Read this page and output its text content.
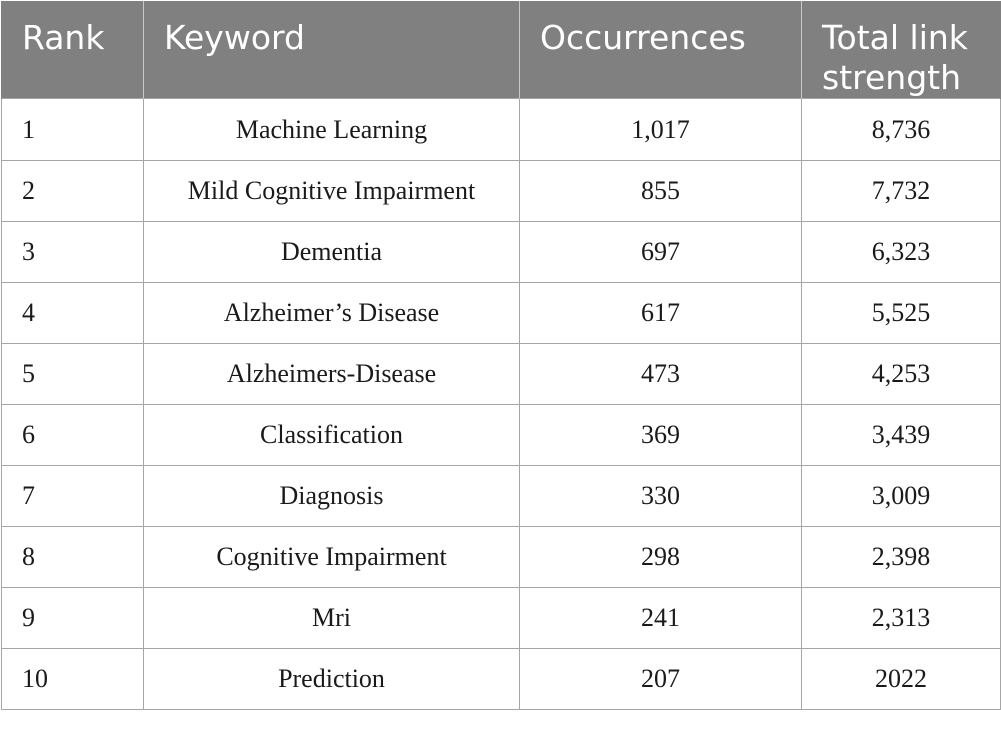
Rank	Keyword	Occurrences	Total link
strength
1	Machine Learning	1,017	8,736
2	Mild Cognitive Impairment	855	7,732
3	Dementia	697	6,323
4	Alzheimer’s Disease	617	5,525
5	Alzheimers-Disease	473	4,253
6	Classification	369	3,439
7	Diagnosis	330	3,009
8	Cognitive Impairment	298	2,398
9	Mri	241	2,313
10	Prediction	207	2022
